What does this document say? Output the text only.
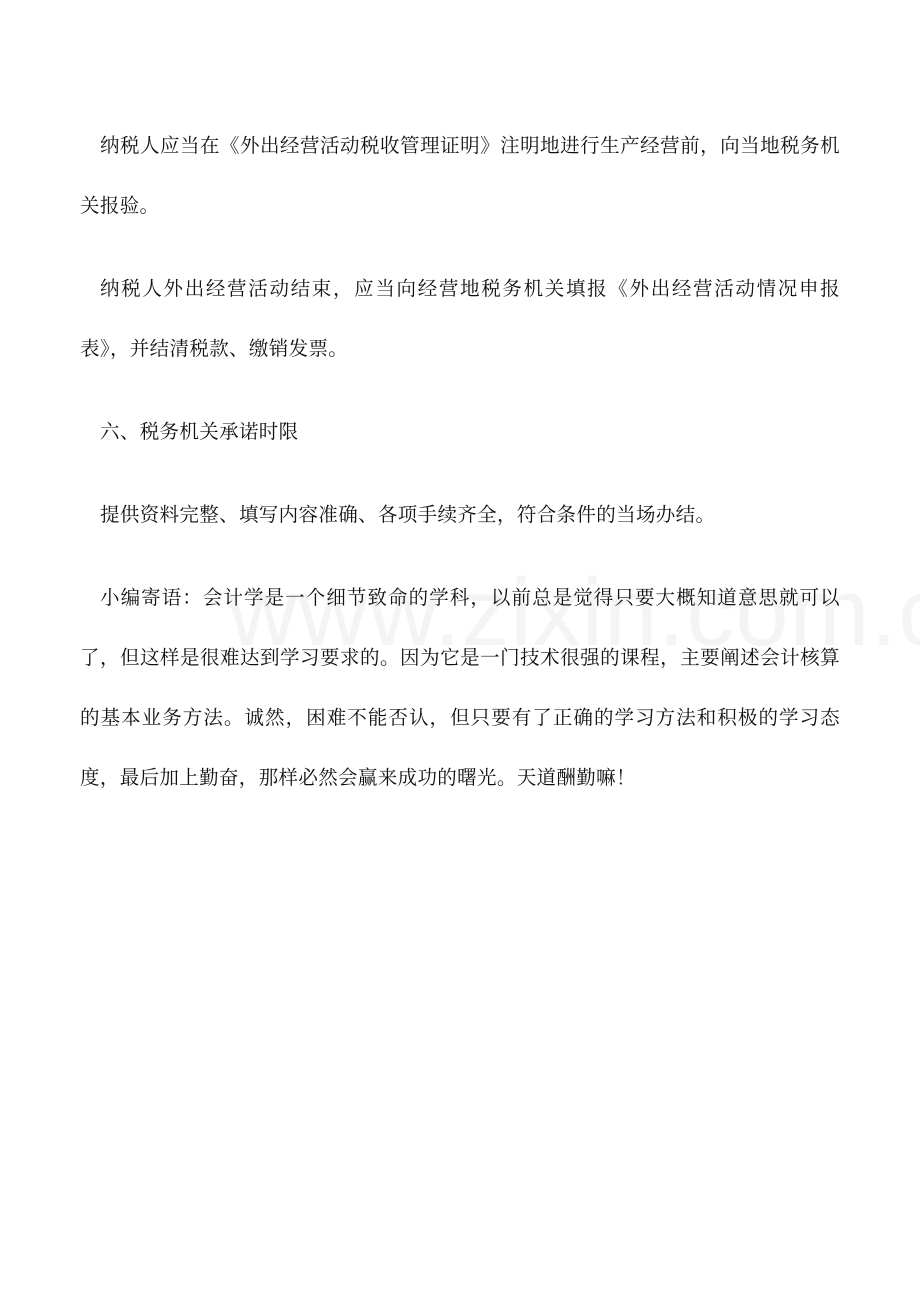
纳税人应当在《外出经营活动税收管理证明》注明地进行生产经营前，向当地税务机关报验。

纳税人外出经营活动结束，应当向经营地税务机关填报《外出经营活动情况申报表》，并结清税款、缴销发票。

六、税务机关承诺时限

提供资料完整、填写内容准确、各项手续齐全，符合条件的当场办结。

小编寄语：会计学是一个细节致命的学科，以前总是觉得只要大概知道意思就可以了，但这样是很难达到学习要求的。因为它是一门技术很强的课程，主要阐述会计核算的基本业务方法。诚然，困难不能否认，但只要有了正确的学习方法和积极的学习态度，最后加上勤奋，那样必然会赢来成功的曙光。天道酬勤嘛！
